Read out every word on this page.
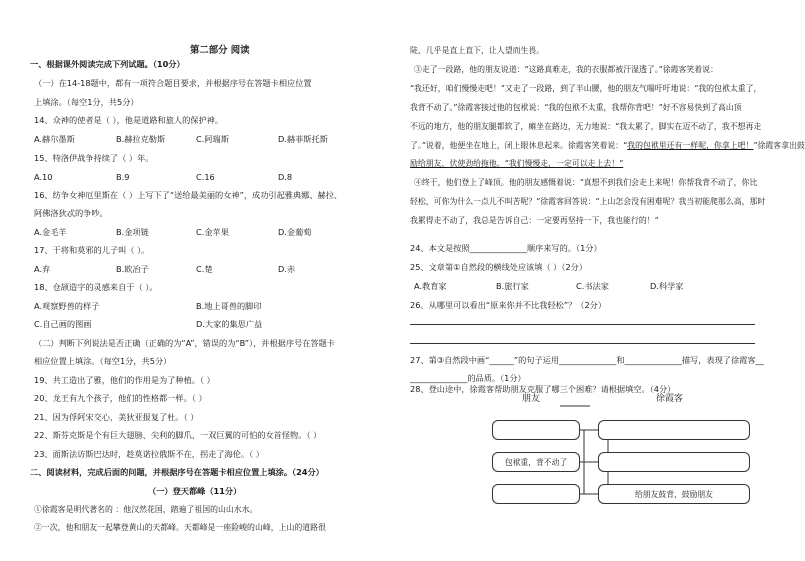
第二部分 阅读
一、根据课外阅读完成下列试题。（10分）
（一）在14-18题中，都有一项符合题目要求，并根据序号在答题卡相应位置
上填涂。（每空1分，共5分）
14、众神的使者是（ ），他是道路和旅人的保护神。
A.赫尔墨斯	B.赫拉克勒斯	C.阿瑞斯	D.赫菲斯托斯
15、特洛伊战争持续了（ ）年。
A.10	B.9	C.16	D.8
16、纺争女神厄里斯在（ ）上写下了“送给最美丽的女神”，成功引起雅典娜、赫拉、
阿佛洛狄忒的争吵。
A.金毛羊	B.金项链	C.金苹果	D.金葡萄
17、干将和莫邪的儿子叫（ ）。
A.弃	B.欧冶子	C.楚	D.赤
18、仓颉造字的灵感来自于（ ）。
A.观察野兽的样子	B.地上哥兽的脚印
C.自己画的图画	D.大家的集思广益
（二）判断下列说法是否正确（正确的为“A”，错误的为“B”），并根据序号在答题卡
相应位置上填涂。（每空1分，共5分）
19、共工造出了雅，他们的作用是为了种植。（ ）
20、龙王有九个孩子，他们的性格都一样。（ ）
21、因为俘阿宋交心，美狄亚报复了杜。（ ）
22、斯芬克斯是个有巨大翅膀、尖利的脚爪、一双巨翼的可怕的女首怪物。（ ）
23、面斯法访斯巴达时，趁莫诺拉俄斯不在，拐走了海伦。（ ）
二、阅读材料，完成后面的问题，并根据序号在答题卡相应位置上填涂。（24分）
（一）登天都峰（11分）
①徐霞客是明代著名的 ：他汉然花国，踏遍了祖国的山山水水。
②一次，他和朋友一起攀登黄山的天都峰。天都峰是一座险峻的山峰，上山的道路很
陡，几乎是直上直下，让人望而生畏。
③走了一段路，他的朋友说道：“这路真难走，我的衣服都被汗湿透了。”徐霞客笑着说：
“我还好，咱们慢慢走吧！”又走了一段路，到了半山腰，他的朋友气喘吁吁地说：“我的包袱太重了，
我背不动了。”徐霞客接过他的包袱说：“我的包袱不太重，我帮你背吧！”好不容易快到了高山顶
不远的地方，他的朋友腿都软了，瘫坐在路边，无力地说：“我太累了，脚实在迈不动了，我不想再走
了。”说着，他便坐在地上，闭上眼休息起来。徐霞客笑着说：“我的包袱里还有一样呢，你拿上吧！”徐霞客拿出鼓
励给朋友，伏使劲给拖他。“我们慢慢走，一定可以走上去！”
④终于，他们登上了峰顶。他的朋友感慨着说：“真想不到我们会走上来呢！你帮我背不动了，你比
轻松，可你为什么一点儿不叫苦呢？”徐霞客回答说：“上山怎会没有困难呢？我当初能爬那么高，那时
我累得走不动了，我总是告诉自己：一定要再坚持一下，我也能行的！”
24、本文是按照______________顺序来写的。（1分）
25、文章第①自然段的横线处应该填（ ）（2分）
A.教育家	B.旅行家	C.书法家	D.科学家
26、从哪里可以看出“原来你并不比我轻松”？（2分）
27、第③自然段中画“______”的句子运用______________和______________描写，表现了徐霞客__
______________的品质。（1分）
28、登山途中，徐霞客帮助朋友克服了哪三个困难？请根据填空。（4分）
朋友	徐霞客
包袱重，背不动了
给朋友鼓背，鼓励朋友
